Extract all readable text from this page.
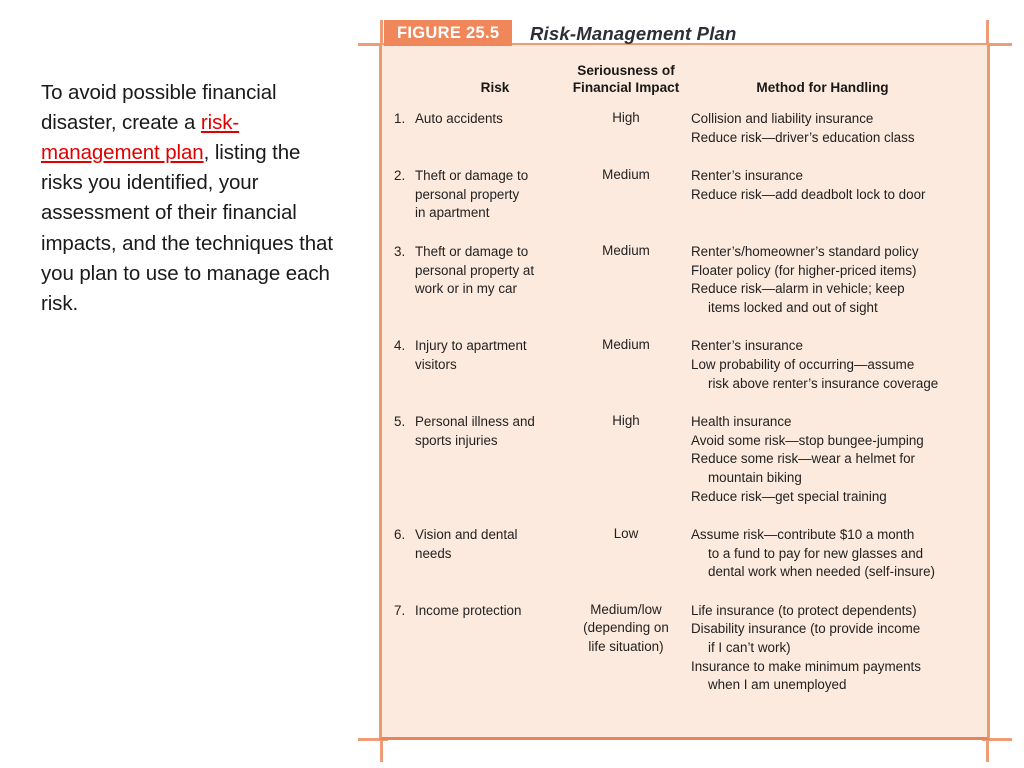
To avoid possible financial disaster, create a risk-management plan, listing the risks you identified, your assessment of their financial impacts, and the techniques that you plan to use to manage each risk.

	Risk	Seriousness of
Financial Impact	Method for Handling
1.	Auto accidents	High	Collision and liability insurance
Reduce risk—driver’s education class

2.	Theft or damage to
personal property
in apartment	Medium	Renter’s insurance
Reduce risk—add deadbolt lock to door

3.	Theft or damage to
personal property at
work or in my car	Medium	Renter’s/homeowner’s standard policy
Floater policy (for higher-priced items)
Reduce risk—alarm in vehicle; keep
items locked and out of sight

4.	Injury to apartment
visitors	Medium	Renter’s insurance
Low probability of occurring—assume
risk above renter’s insurance coverage

5.	Personal illness and
sports injuries	High	Health insurance
Avoid some risk—stop bungee-jumping
Reduce some risk—wear a helmet for
mountain biking
Reduce risk—get special training

6.	Vision and dental
needs	Low	Assume risk—contribute $10 a month
to a fund to pay for new glasses and
dental work when needed (self-insure)

7.	Income protection	Medium/low
(depending on
life situation)	Life insurance (to protect dependents)
Disability insurance (to provide income
if I can’t work)
Insurance to make minimum payments
when I am unemployed
FIGURE 25.5	Risk-Management Plan
